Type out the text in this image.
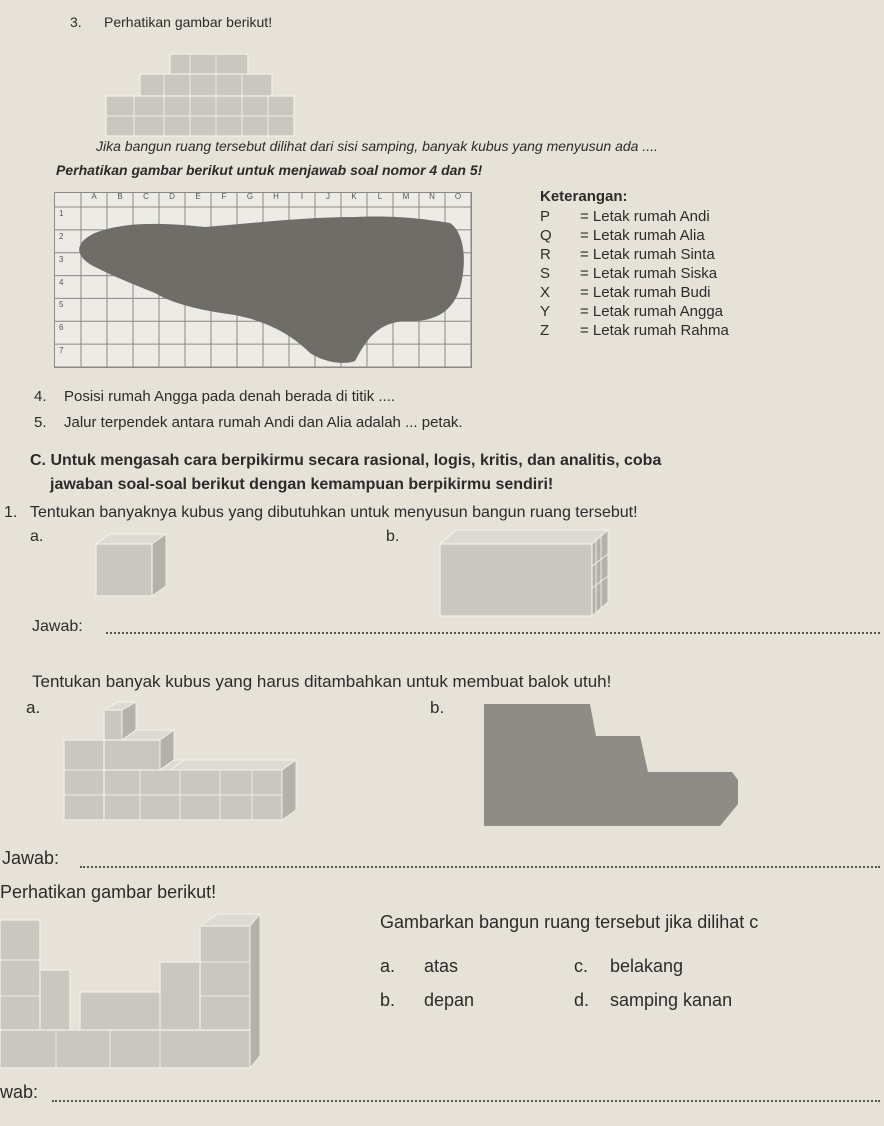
3. Perhatikan gambar berikut!
Jika bangun ruang tersebut dilihat dari sisi samping, banyak kubus yang menyusun ada ....
Perhatikan gambar berikut untuk menjawab soal nomor 4 dan 5!
A	B	C	D	E	F	G	H	I	J	K	L	M	N	O
1
2
3
4
5
6
7
Keterangan:
P = Letak rumah Andi
Q = Letak rumah Alia
R = Letak rumah Sinta
S = Letak rumah Siska
X = Letak rumah Budi
Y = Letak rumah Angga
Z = Letak rumah Rahma
4. Posisi rumah Angga pada denah berada di titik ....
5. Jalur terpendek antara rumah Andi dan Alia adalah ... petak.
C. Untuk mengasah cara berpikirmu secara rasional, logis, kritis, dan analitis, coba
jawaban soal-soal berikut dengan kemampuan berpikirmu sendiri!
1. Tentukan banyaknya kubus yang dibutuhkan untuk menyusun bangun ruang tersebut!
a.	b.
Jawab:
Tentukan banyak kubus yang harus ditambahkan untuk membuat balok utuh!
a.	b.
Jawab:
Perhatikan gambar berikut!
Gambarkan bangun ruang tersebut jika dilihat c
a. atas	c. belakang
b. depan	d. samping kanan
wab:
